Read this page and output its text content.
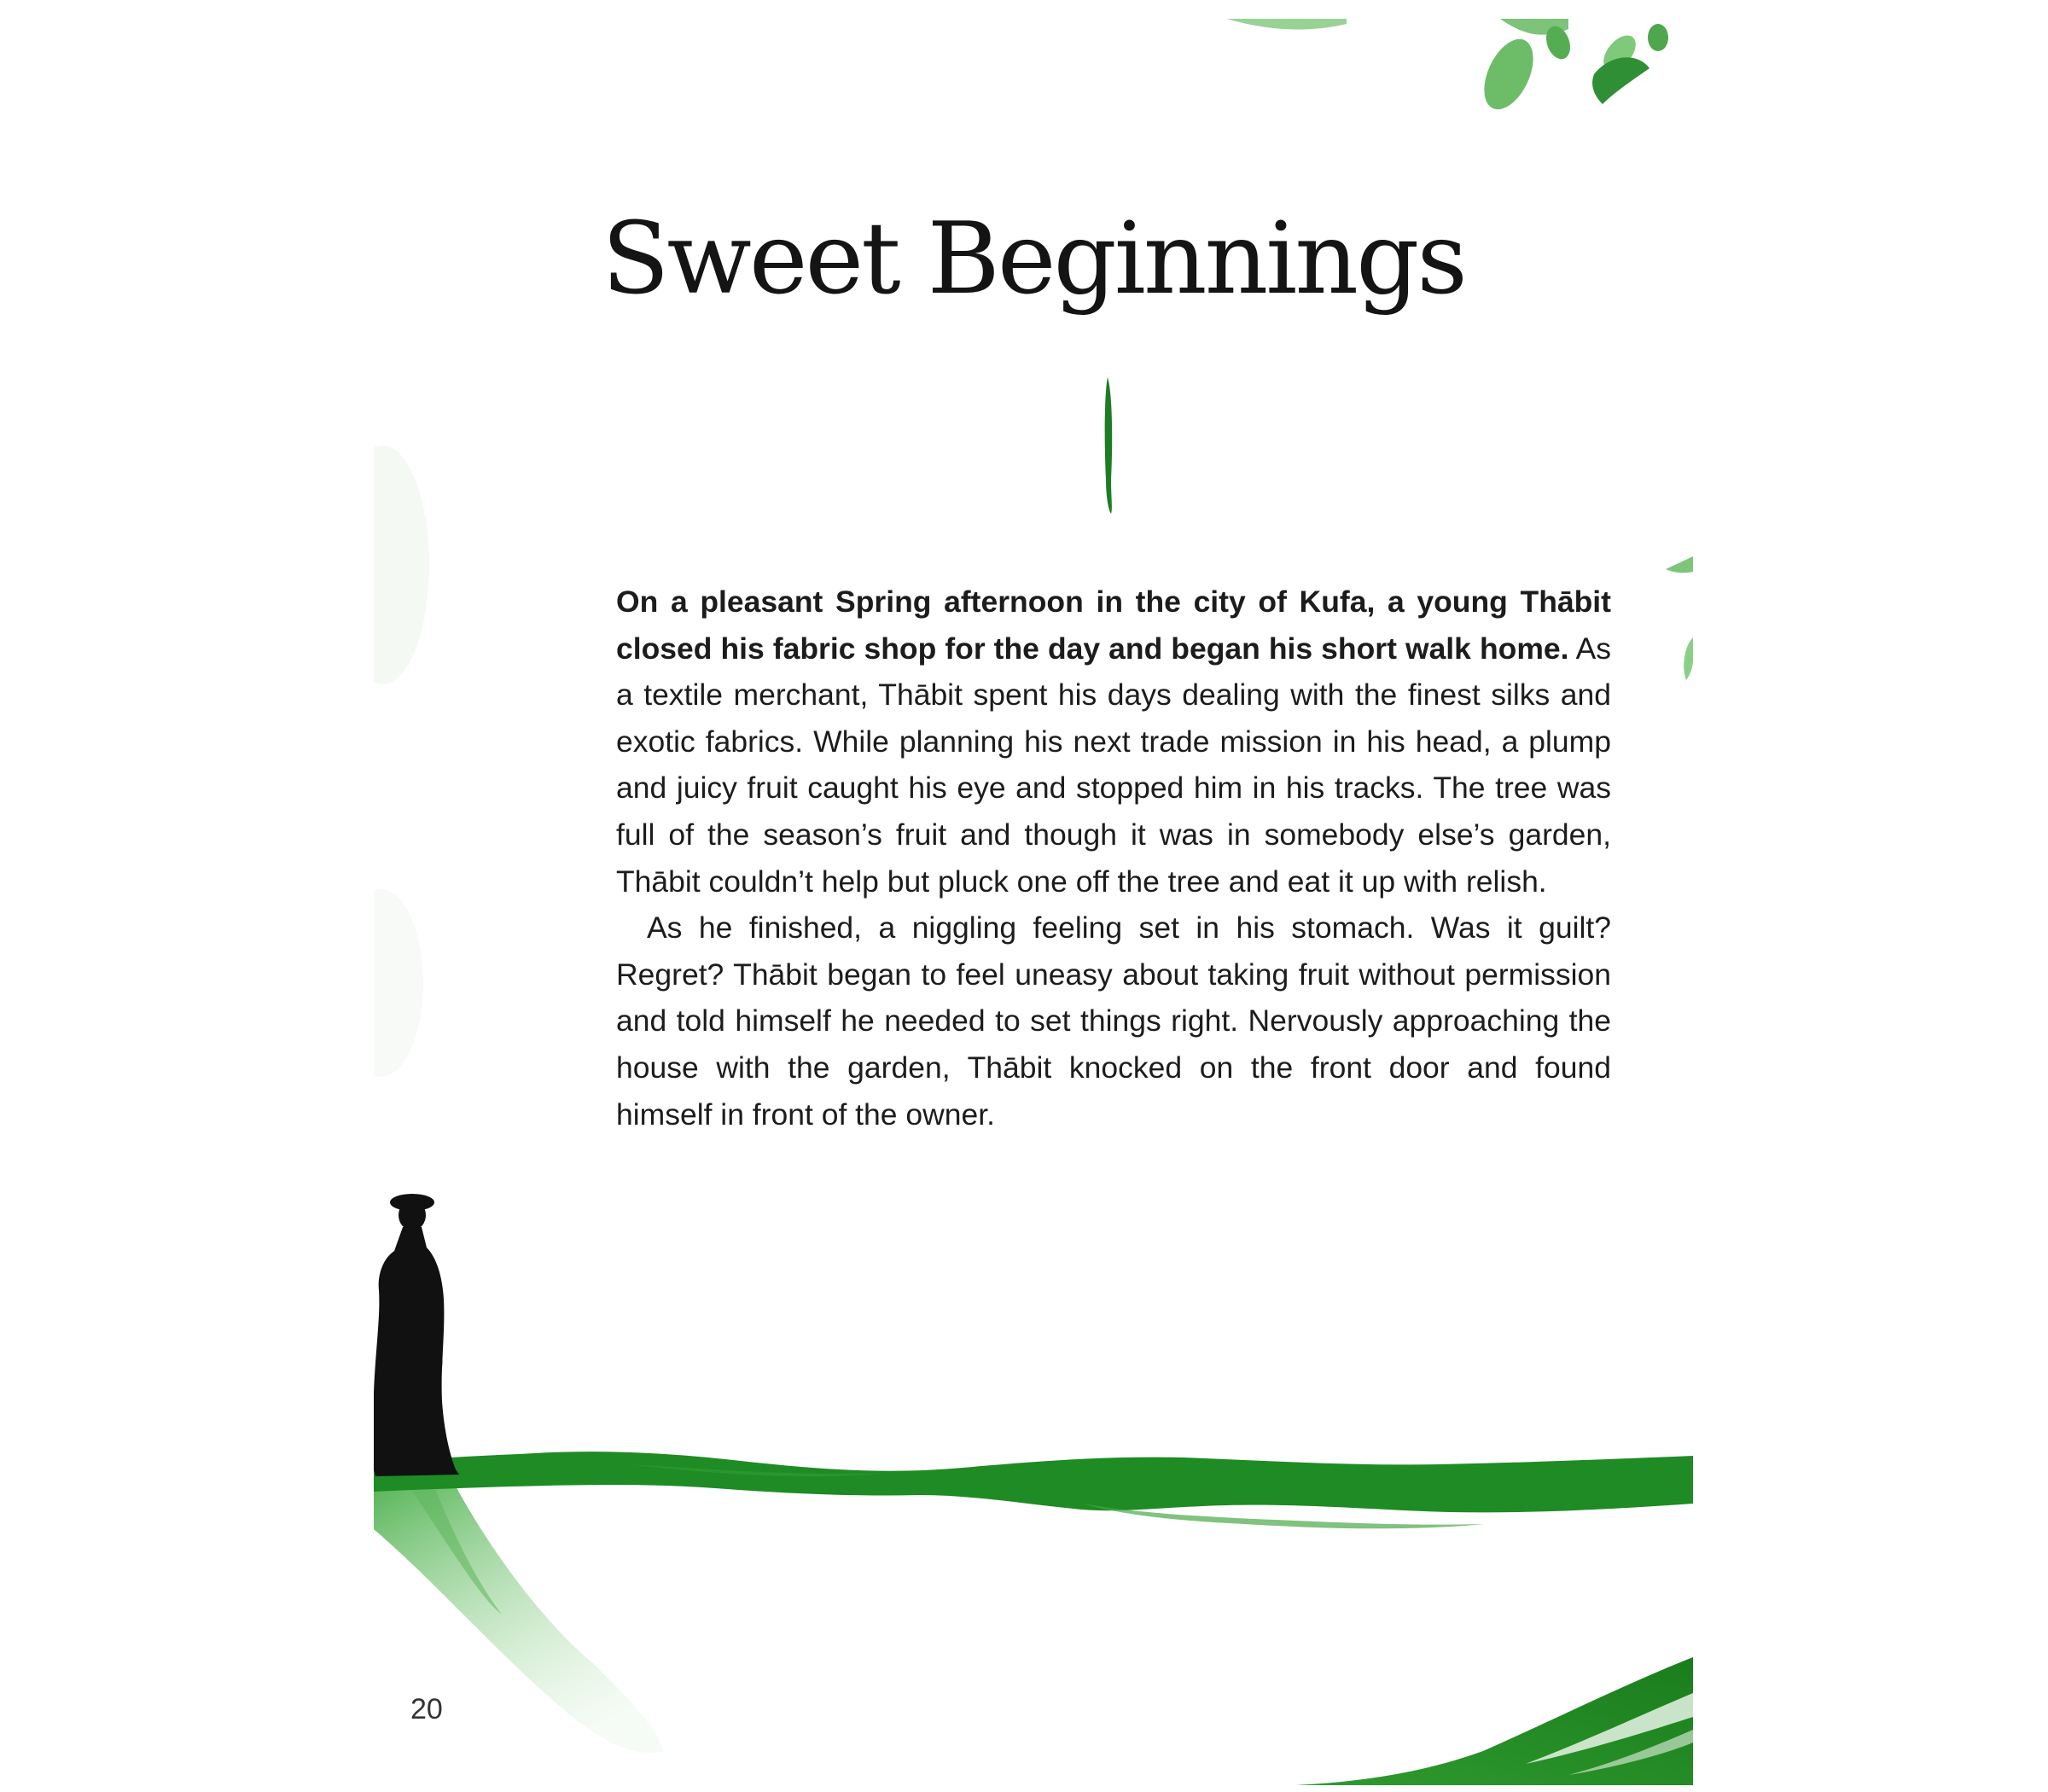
Sweet Beginnings

On a pleasant Spring afternoon in the city of Kufa, a young Thābit closed his fabric shop for the day and began his short walk home. As a textile merchant, Thābit spent his days dealing with the finest silks and exotic fabrics. While planning his next trade mission in his head, a plump and juicy fruit caught his eye and stopped him in his tracks. The tree was full of the season’s fruit and though it was in somebody else’s garden, Thābit couldn’t help but pluck one off the tree and eat it up with relish.

As he finished, a niggling feeling set in his stomach. Was it guilt? Regret? Thābit began to feel uneasy about taking fruit without permission and told himself he needed to set things right. Nervously approaching the house with the garden, Thābit knocked on the front door and found himself in front of the owner.

20
